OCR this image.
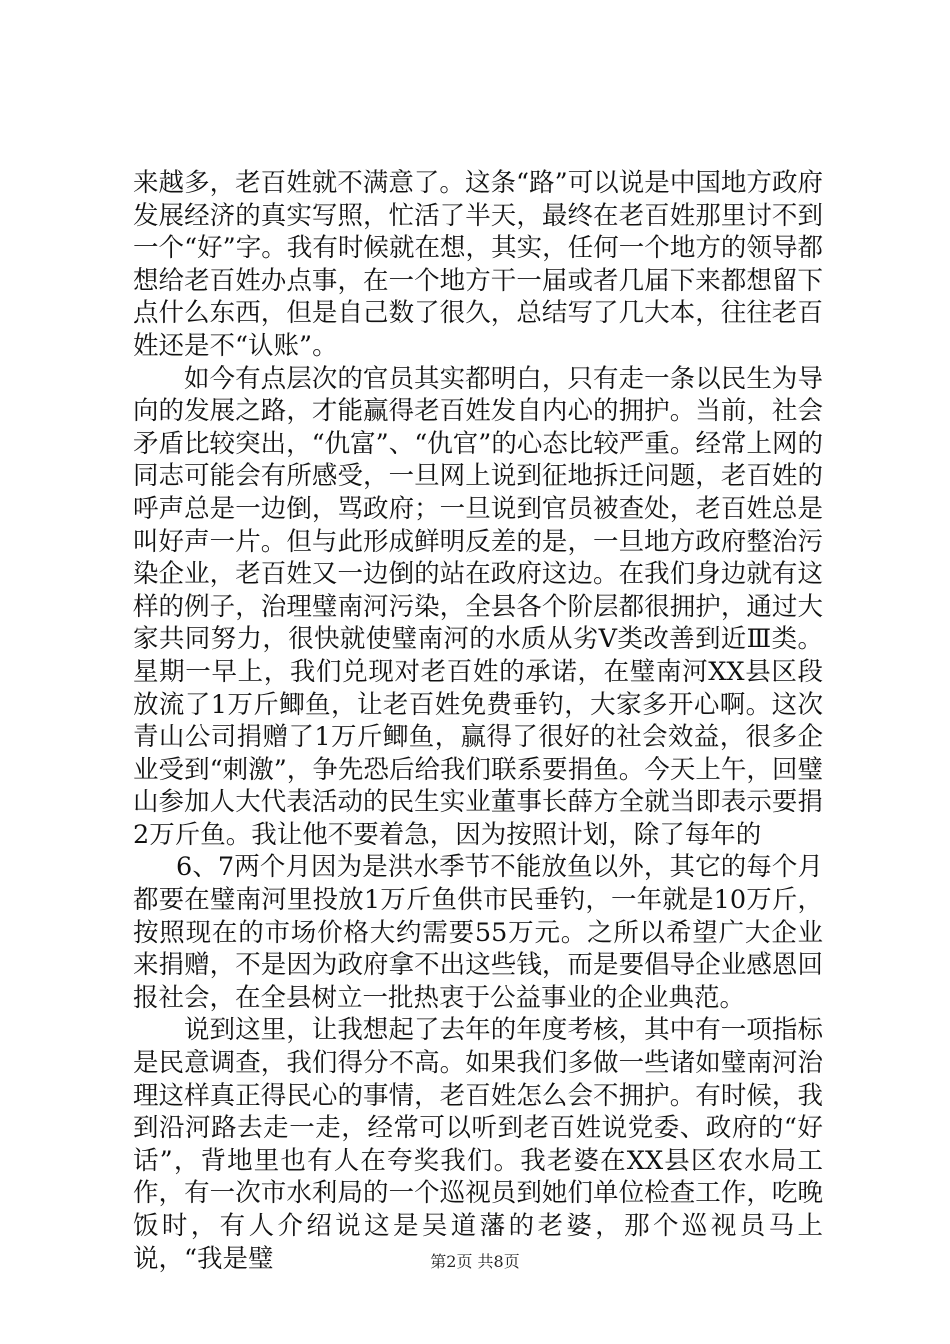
来越多，老百姓就不满意了。这条“路”可以说是中国地方政府发展经济的真实写照，忙活了半天，最终在老百姓那里讨不到一个“好”字。我有时候就在想，其实，任何一个地方的领导都想给老百姓办点事，在一个地方干一届或者几届下来都想留下点什么东西，但是自己数了很久，总结写了几大本，往往老百姓还是不“认账”。

如今有点层次的官员其实都明白，只有走一条以民生为导向的发展之路，才能赢得老百姓发自内心的拥护。当前，社会矛盾比较突出，“仇富”、“仇官”的心态比较严重。经常上网的同志可能会有所感受，一旦网上说到征地拆迁问题，老百姓的呼声总是一边倒，骂政府；一旦说到官员被查处，老百姓总是叫好声一片。但与此形成鲜明反差的是，一旦地方政府整治污染企业，老百姓又一边倒的站在政府这边。在我们身边就有这样的例子，治理璧南河污染，全县各个阶层都很拥护，通过大家共同努力，很快就使璧南河的水质从劣Ⅴ类改善到近Ⅲ类。星期一早上，我们兑现对老百姓的承诺，在璧南河XX县区段放流了1万斤鲫鱼，让老百姓免费垂钓，大家多开心啊。这次青山公司捐赠了1万斤鲫鱼，赢得了很好的社会效益，很多企业受到“刺激”，争先恐后给我们联系要捐鱼。今天上午，回璧山参加人大代表活动的民生实业董事长薛方全就当即表示要捐2万斤鱼。我让他不要着急，因为按照计划，除了每年的

6、7两个月因为是洪水季节不能放鱼以外，其它的每个月都要在璧南河里投放1万斤鱼供市民垂钓，一年就是10万斤，按照现在的市场价格大约需要55万元。之所以希望广大企业来捐赠，不是因为政府拿不出这些钱，而是要倡导企业感恩回报社会，在全县树立一批热衷于公益事业的企业典范。

说到这里，让我想起了去年的年度考核，其中有一项指标是民意调查，我们得分不高。如果我们多做一些诸如璧南河治理这样真正得民心的事情，老百姓怎么会不拥护。有时候，我到沿河路去走一走，经常可以听到老百姓说党委、政府的“好话”，背地里也有人在夸奖我们。我老婆在XX县区农水局工作，有一次市水利局的一个巡视员到她们单位检查工作，吃晚饭时，有人介绍说这是吴道藩的老婆，那个巡视员马上说，“我是璧	第2页 共8页
